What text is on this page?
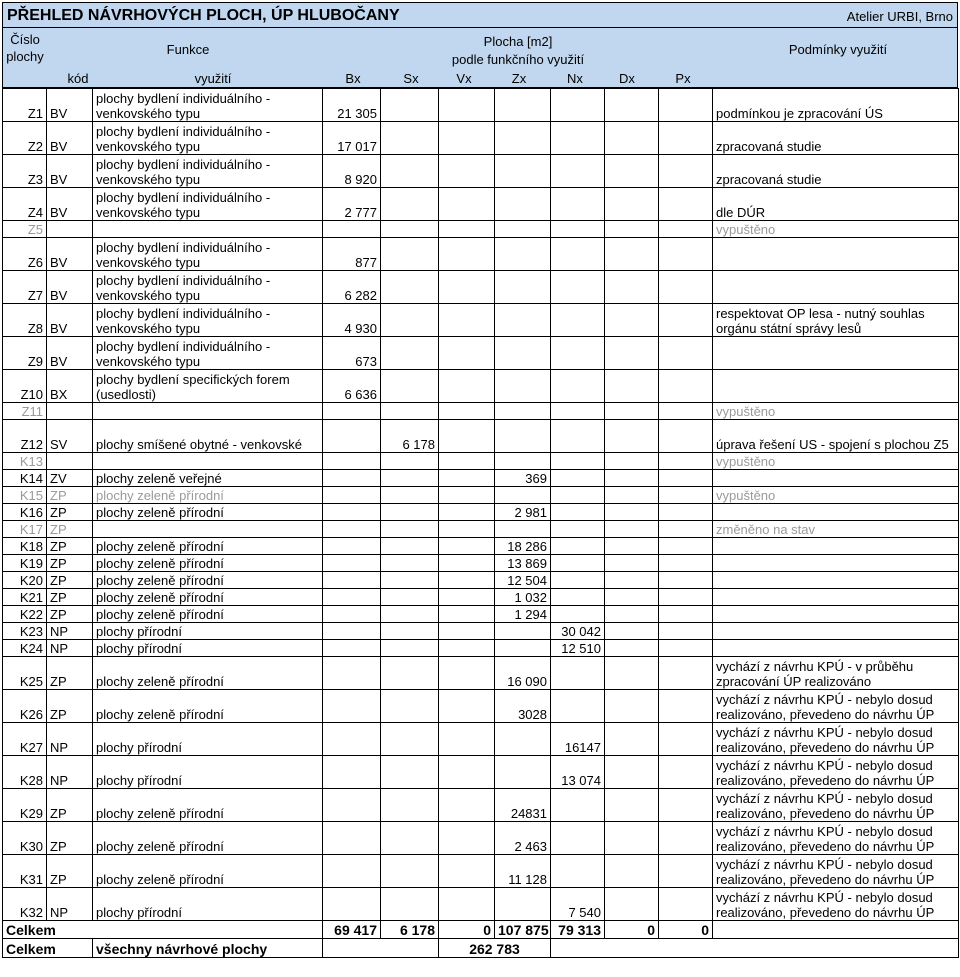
PŘEHLED NÁVRHOVÝCH PLOCH, ÚP HLUBOČANY	Atelier URBI, Brno
Číslo
plochy	Funkce
Plocha [m2]
podle funkčního využití
Podmínky využití
kód	využití	Bx	Sx	Vx	Zx	Nx	Dx	Px
Z1	BV	plochy bydlení individuálního - venkovského typu	21 305							podmínkou je zpracování ÚS
Z2	BV	plochy bydlení individuálního - venkovského typu	17 017							zpracovaná studie
Z3	BV	plochy bydlení individuálního - venkovského typu	8 920							zpracovaná studie
Z4	BV	plochy bydlení individuálního - venkovského typu	2 777							dle DÚR
Z5										vypuštěno
Z6	BV	plochy bydlení individuálního - venkovského typu	877							
Z7	BV	plochy bydlení individuálního - venkovského typu	6 282							
Z8	BV	plochy bydlení individuálního - venkovského typu	4 930							respektovat OP lesa - nutný souhlas orgánu státní správy lesů
Z9	BV	plochy bydlení individuálního - venkovského typu	673							
Z10	BX	plochy bydlení specifických forem (usedlosti)	6 636							
Z11										vypuštěno
Z12	SV	plochy smíšené obytné - venkovské		6 178						úprava řešení US - spojení s plochou Z5
K13										vypuštěno
K14	ZV	plochy zeleně veřejné				369				
K15	ZP	plochy zeleně přírodní								vypuštěno
K16	ZP	plochy zeleně přírodní				2 981				
K17	ZP									změněno na stav
K18	ZP	plochy zeleně přírodní				18 286				
K19	ZP	plochy zeleně přírodní				13 869				
K20	ZP	plochy zeleně přírodní				12 504				
K21	ZP	plochy zeleně přírodní				1 032				
K22	ZP	plochy zeleně přírodní				1 294				
K23	NP	plochy přírodní					30 042			
K24	NP	plochy přírodní					12 510			
K25	ZP	plochy zeleně přírodní				16 090				vychází z návrhu KPÚ - v průběhu zpracování ÚP realizováno
K26	ZP	plochy zeleně přírodní				3028				vychází z návrhu KPÚ - nebylo dosud realizováno, převedeno do návrhu ÚP
K27	NP	plochy přírodní					16147			vychází z návrhu KPÚ - nebylo dosud realizováno, převedeno do návrhu ÚP
K28	NP	plochy přírodní					13 074			vychází z návrhu KPÚ - nebylo dosud realizováno, převedeno do návrhu ÚP
K29	ZP	plochy zeleně přírodní				24831				vychází z návrhu KPÚ - nebylo dosud realizováno, převedeno do návrhu ÚP
K30	ZP	plochy zeleně přírodní				2 463				vychází z návrhu KPÚ - nebylo dosud realizováno, převedeno do návrhu ÚP
K31	ZP	plochy zeleně přírodní				11 128				vychází z návrhu KPÚ - nebylo dosud realizováno, převedeno do návrhu ÚP
K32	NP	plochy přírodní					7 540			vychází z návrhu KPÚ - nebylo dosud realizováno, převedeno do návrhu ÚP
Celkem			69 417	6 178	0	107 875	79 313	0	0	
Celkem		všechny návrhové plochy			262 783					
